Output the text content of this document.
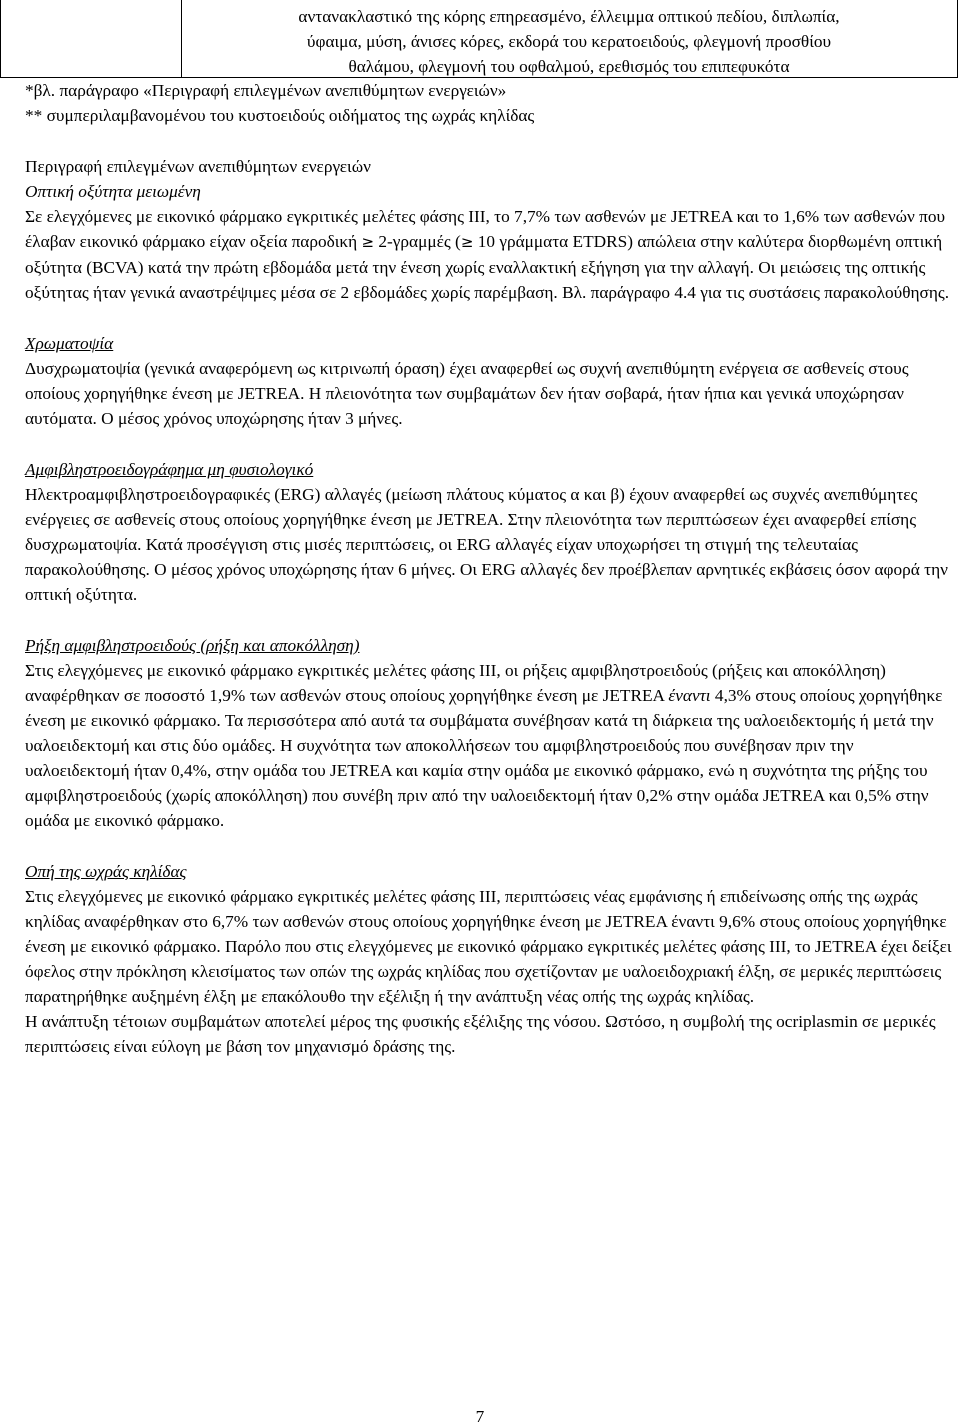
αντανακλαστικό της κόρης επηρεασμένο, έλλειμμα οπτικού πεδίου, διπλωπία,
ύφαιμα, μύση, άνισες κόρες, εκδορά του κερατοειδούς, φλεγμονή προσθίου
θαλάμου, φλεγμονή του οφθαλμού, ερεθισμός του επιπεφυκότα

*βλ. παράγραφο «Περιγραφή επιλεγμένων ανεπιθύμητων ενεργειών»

** συμπεριλαμβανομένου του κυστοειδούς οιδήματος της ωχράς κηλίδας

Περιγραφή επιλεγμένων ανεπιθύμητων ενεργειών

Οπτική οξύτητα μειωμένη

Σε ελεγχόμενες με εικονικό φάρμακο εγκριτικές μελέτες φάσης ΙΙΙ, το 7,7% των ασθενών με JETREA και το 1,6% των ασθενών που έλαβαν εικονικό φάρμακο είχαν οξεία παροδική ≥ 2-γραμμές (≥ 10 γράμματα ETDRS) απώλεια στην καλύτερα διορθωμένη οπτική οξύτητα (BCVA) κατά την πρώτη εβδομάδα μετά την ένεση χωρίς εναλλακτική εξήγηση για την αλλαγή. Οι μειώσεις της οπτικής οξύτητας ήταν γενικά αναστρέψιμες μέσα σε 2 εβδομάδες χωρίς παρέμβαση. Βλ. παράγραφο 4.4 για τις συστάσεις παρακολούθησης.

Χρωματοψία

Δυσχρωματοψία (γενικά αναφερόμενη ως κιτρινωπή όραση) έχει αναφερθεί ως συχνή ανεπιθύμητη ενέργεια σε ασθενείς στους οποίους χορηγήθηκε ένεση με JETREA. Η πλειονότητα των συμβαμάτων δεν ήταν σοβαρά, ήταν ήπια και γενικά υποχώρησαν αυτόματα. Ο μέσος χρόνος υποχώρησης ήταν 3 μήνες.

Αμφιβληστροειδογράφημα μη φυσιολογικό

Ηλεκτροαμφιβληστροειδογραφικές (ERG) αλλαγές (μείωση πλάτους κύματος α και β) έχουν αναφερθεί ως συχνές ανεπιθύμητες ενέργειες σε ασθενείς στους οποίους χορηγήθηκε ένεση με JETREA. Στην πλειονότητα των περιπτώσεων έχει αναφερθεί επίσης δυσχρωματοψία. Κατά προσέγγιση στις μισές περιπτώσεις, οι ERG αλλαγές είχαν υποχωρήσει τη στιγμή της τελευταίας παρακολούθησης. Ο μέσος χρόνος υποχώρησης ήταν 6 μήνες. Οι ERG αλλαγές δεν προέβλεπαν αρνητικές εκβάσεις όσον αφορά την οπτική οξύτητα.

Ρήξη αμφιβληστροειδούς (ρήξη και αποκόλληση)

Στις ελεγχόμενες με εικονικό φάρμακο εγκριτικές μελέτες φάσης ΙΙΙ, οι ρήξεις αμφιβληστροειδούς (ρήξεις και αποκόλληση) αναφέρθηκαν σε ποσοστό 1,9% των ασθενών στους οποίους χορηγήθηκε ένεση με JETREA έναντι 4,3% στους οποίους χορηγήθηκε ένεση με εικονικό φάρμακο. Τα περισσότερα από αυτά τα συμβάματα συνέβησαν κατά τη διάρκεια της υαλοειδεκτομής ή μετά την υαλοειδεκτομή και στις δύο ομάδες. Η συχνότητα των αποκολλήσεων του αμφιβληστροειδούς που συνέβησαν πριν την υαλοειδεκτομή ήταν 0,4%, στην ομάδα του JETREA και καμία στην ομάδα με εικονικό φάρμακο, ενώ η συχνότητα της ρήξης του αμφιβληστροειδούς (χωρίς αποκόλληση) που συνέβη πριν από την υαλοειδεκτομή ήταν 0,2% στην ομάδα JETREA και 0,5% στην ομάδα με εικονικό φάρμακο.

Οπή της ωχράς κηλίδας

Στις ελεγχόμενες με εικονικό φάρμακο εγκριτικές μελέτες φάσης ΙΙΙ, περιπτώσεις νέας εμφάνισης ή επιδείνωσης οπής της ωχράς κηλίδας αναφέρθηκαν στο 6,7% των ασθενών στους οποίους χορηγήθηκε ένεση με JETREA έναντι 9,6% στους οποίους χορηγήθηκε ένεση με εικονικό φάρμακο. Παρόλο που στις ελεγχόμενες με εικονικό φάρμακο εγκριτικές μελέτες φάσης ΙΙΙ, το JETREA έχει δείξει όφελος στην πρόκληση κλεισίματος των οπών της ωχράς κηλίδας που σχετίζονταν με υαλοειδοχριακή έλξη, σε μερικές περιπτώσεις παρατηρήθηκε αυξημένη έλξη με επακόλουθο την εξέλιξη ή την ανάπτυξη νέας οπής της ωχράς κηλίδας.

Η ανάπτυξη τέτοιων συμβαμάτων αποτελεί μέρος της φυσικής εξέλιξης της νόσου. Ωστόσο, η συμβολή της ocriplasmin σε μερικές περιπτώσεις είναι εύλογη με βάση τον μηχανισμό δράσης της.

7
